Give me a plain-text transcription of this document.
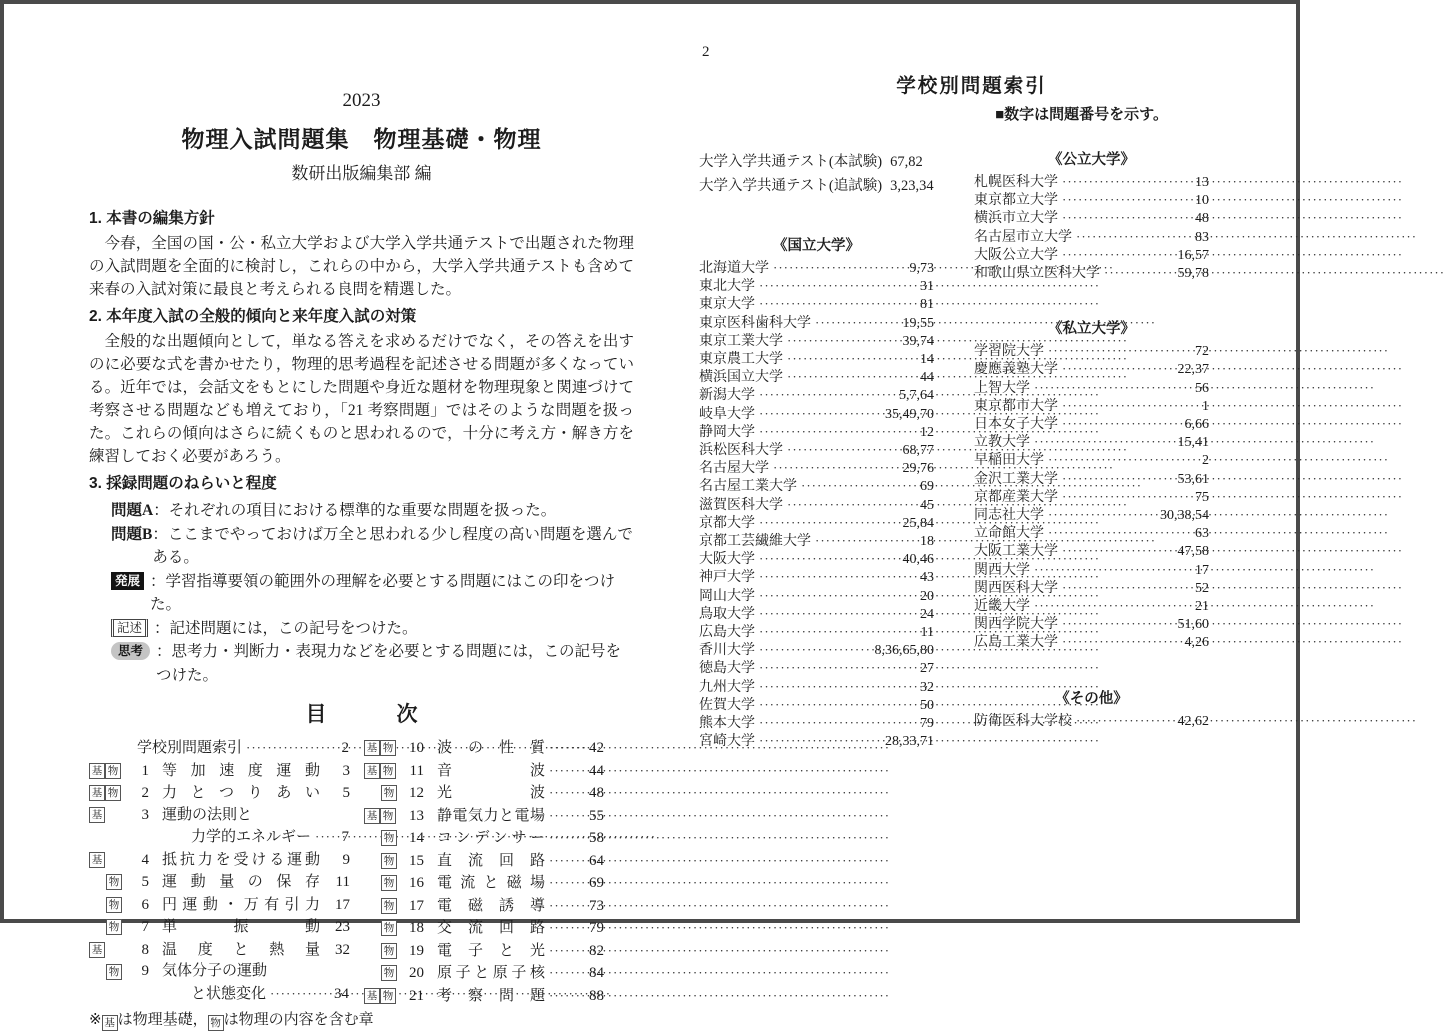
2023
物理入試問題集　物理基礎・物理
数研出版編集部 編
1. 本書の編集方針

今春，全国の国・公・私立大学および大学入学共通テストで出題された物理の入試問題を全面的に検討し，これらの中から，大学入学共通テストも含めて来春の入試対策に最良と考えられる良問を精選した。

2. 本年度入試の全般的傾向と来年度入試の対策

全般的な出題傾向として，単なる答えを求めるだけでなく，その答えを出すのに必要な式を書かせたり，物理的思考過程を記述させる問題が多くなっている。近年では，会話文をもとにした問題や身近な題材を物理現象と関連づけて考察させる問題なども増えており，「21 考察問題」ではそのような問題を扱った。これらの傾向はさらに続くものと思われるので，十分に考え方・解き方を練習しておく必要があろう。

3. 採録問題のねらいと程度
問題A ：それぞれの項目における標準的な重要な問題を扱った。
問題B ：ここまでやっておけば万全と思われる少し程度の高い問題を選んである。
発展 ：学習指導要領の範囲外の理解を必要とする問題にはこの印をつけた。
記述 ：記述問題には，この記号をつけた。
思考 ：思考力・判断力・表現力などを必要とする問題には，この記号をつけた。
目	次
学校別問題索引 ·····	2
基 物	1 等加速度運動	3
基 物	2 力とつりあい	5
基	3 運動の法則と
力学的エネルギー ·····	7
基	4 抵抗力を受ける運動	9
物	5 運動量の保存	11
物	6 円運動・万有引力	17
物	7 単振動	23
基	8 温度と熱量	32
物	9 気体分子の運動
と状態変化 ·····	34
基 物	10 波の性質 ·····	42
基 物	11 音波 ·····	44
物 12 光波 ·····	48
基 物	13 静電気力と電場 ·····	55
物 14 コンデンサー ·····	58
物 15 直流回路 ·····	64
物 16 電流と磁場 ·····	69
物 17 電磁誘導 ·····	73
物 18 交流回路 ·····	79
物 19 電子と光 ·····	82
物 20 原子と原子核 ·····	84
基 物	21 考察問題 ·····	88
※ 基 は物理基礎， 物 は物理の内容を含む章
2
学校別問題索引
■数字は問題番号を示す。
大学入学共通テスト(本試験) 67,82
大学入学共通テスト(追試験) 3,23,34
《国立大学》
北海道大学 ·····	9,73
東北大学 ·····	31
東京大学 ·····	81
東京医科歯科大学 ·····	19,55
東京工業大学 ·····	39,74
東京農工大学 ·····	14
横浜国立大学 ·····	44
新潟大学 ·····	5,7,64
岐阜大学 ·····	35,49,70
静岡大学 ·····	12
浜松医科大学 ·····	68,77
名古屋大学 ·····	29,76
名古屋工業大学 ·····	69
滋賀医科大学 ·····	45
京都大学 ·····	25,84
京都工芸繊維大学 ·····	18
大阪大学 ·····	40,46
神戸大学 ·····	43
岡山大学 ·····	20
鳥取大学 ·····	24
広島大学 ·····	11
香川大学 ·····	8,36,65,80
徳島大学 ·····	27
九州大学 ·····	32
佐賀大学 ·····	50
熊本大学 ·····	79
宮崎大学 ·····	28,33,71
《公立大学》
札幌医科大学 ·····	13
東京都立大学 ·····	10
横浜市立大学 ·····	48
名古屋市立大学 ·····	83
大阪公立大学 ·····	16,57
和歌山県立医科大学 ·····	59,78
《私立大学》
学習院大学 ·····	72
慶應義塾大学 ·····	22,37
上智大学 ·····	56
東京都市大学 ·····	1
日本女子大学 ·····	6,66
立教大学 ·····	15,41
早稲田大学 ·····	2
金沢工業大学 ·····	53,61
京都産業大学 ·····	75
同志社大学 ·····	30,38,54
立命館大学 ·····	63
大阪工業大学 ·····	47,58
関西大学 ·····	17
関西医科大学 ·····	52
近畿大学 ·····	21
関西学院大学 ·····	51,60
広島工業大学 ·····	4,26
《その他》
防衛医科大学校 ·····	42,62
